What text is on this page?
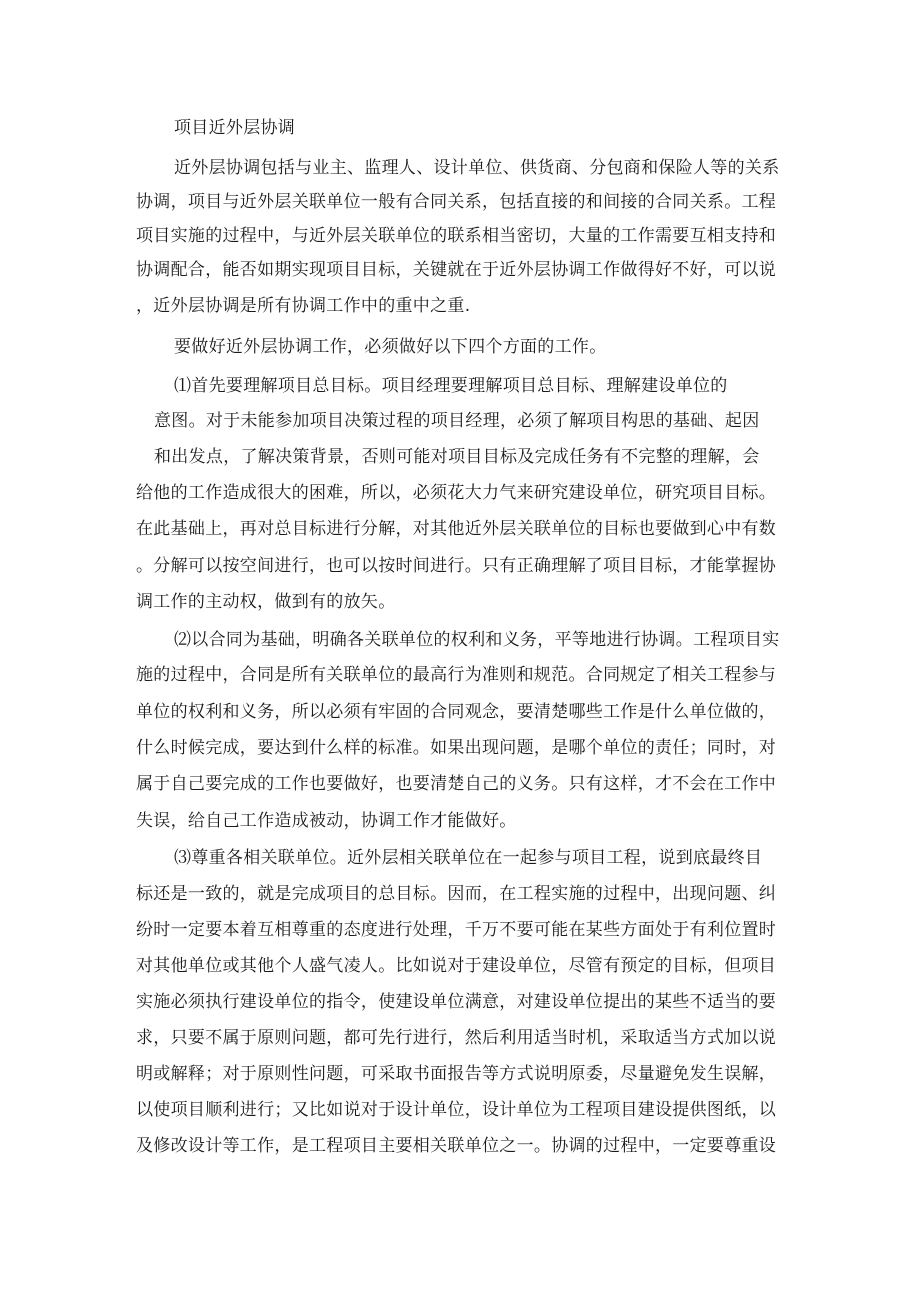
项目近外层协调
近外层协调包括与业主、监理人、设计单位、供货商、分包商和保险人等的关系
协调，项目与近外层关联单位一般有合同关系，包括直接的和间接的合同关系。工程
项目实施的过程中，与近外层关联单位的联系相当密切，大量的工作需要互相支持和
协调配合，能否如期实现项目目标，关键就在于近外层协调工作做得好不好，可以说
，近外层协调是所有协调工作中的重中之重.
要做好近外层协调工作，必须做好以下四个方面的工作。
⑴首先要理解项目总目标。项目经理要理解项目总目标、理解建设单位的
意图。对于未能参加项目决策过程的项目经理，必须了解项目构思的基础、起因
和出发点，了解决策背景，否则可能对项目目标及完成任务有不完整的理解，会
给他的工作造成很大的困难，所以，必须花大力气来研究建设单位，研究项目目标。
在此基础上，再对总目标进行分解，对其他近外层关联单位的目标也要做到心中有数
。分解可以按空间进行，也可以按时间进行。只有正确理解了项目目标，才能掌握协
调工作的主动权，做到有的放矢。
⑵以合同为基础，明确各关联单位的权利和义务，平等地进行协调。工程项目实
施的过程中，合同是所有关联单位的最高行为准则和规范。合同规定了相关工程参与
单位的权利和义务，所以必须有牢固的合同观念，要清楚哪些工作是什么单位做的，
什么时候完成，要达到什么样的标准。如果出现问题，是哪个单位的责任；同时，对
属于自己要完成的工作也要做好，也要清楚自己的义务。只有这样，才不会在工作中
失误，给自己工作造成被动，协调工作才能做好。
⑶尊重各相关联单位。近外层相关联单位在一起参与项目工程，说到底最终目
标还是一致的，就是完成项目的总目标。因而，在工程实施的过程中，出现问题、纠
纷时一定要本着互相尊重的态度进行处理，千万不要可能在某些方面处于有利位置时
对其他单位或其他个人盛气凌人。比如说对于建设单位，尽管有预定的目标，但项目
实施必须执行建设单位的指令，使建设单位满意，对建设单位提出的某些不适当的要
求，只要不属于原则问题，都可先行进行，然后利用适当时机，采取适当方式加以说
明或解释；对于原则性问题，可采取书面报告等方式说明原委，尽量避免发生误解，
以使项目顺利进行；又比如说对于设计单位，设计单位为工程项目建设提供图纸，以
及修改设计等工作，是工程项目主要相关联单位之一。协调的过程中，一定要尊重设
